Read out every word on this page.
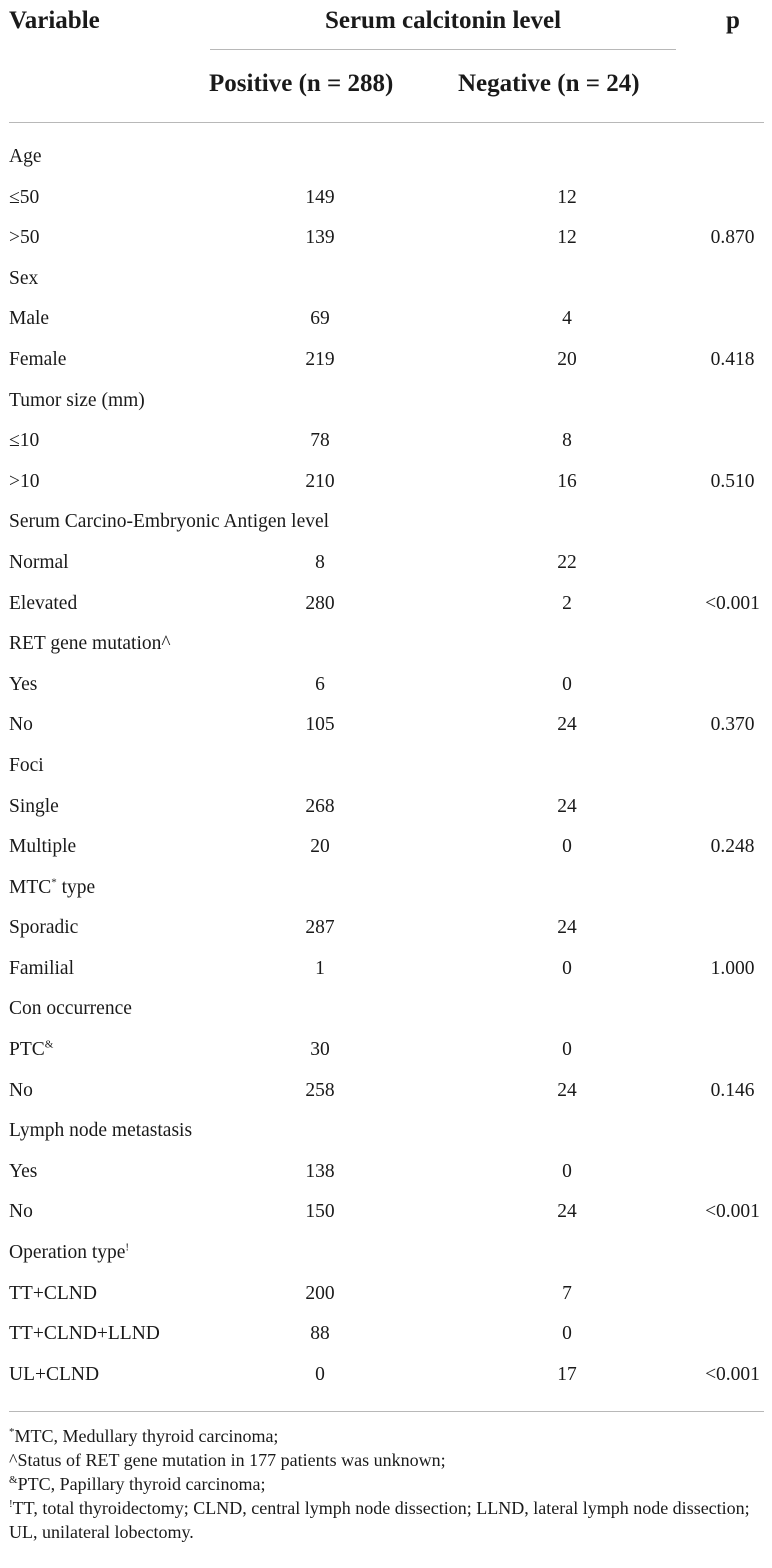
Variable	Serum calcitonin level	p
Positive (n = 288)	Negative (n = 24)
Age
≤50	149	12
>50	139	12	0.870
Sex
Male	69	4
Female	219	20	0.418
Tumor size (mm)
≤10	78	8
>10	210	16	0.510
Serum Carcino-Embryonic Antigen level
Normal	8	22
Elevated	280	2	<0.001
RET gene mutation^
Yes	6	0
No	105	24	0.370
Foci
Single	268	24
Multiple	20	0	0.248
MTC* type
Sporadic	287	24
Familial	1	0	1.000
Con occurrence
PTC&	30	0
No	258	24	0.146
Lymph node metastasis
Yes	138	0
No	150	24	<0.001
Operation type!
TT+CLND	200	7
TT+CLND+LLND	88	0
UL+CLND	0	17	<0.001
*MTC, Medullary thyroid carcinoma;
^Status of RET gene mutation in 177 patients was unknown;
&PTC, Papillary thyroid carcinoma;
!TT, total thyroidectomy; CLND, central lymph node dissection; LLND, lateral lymph node dissection; UL, unilateral lobectomy.
